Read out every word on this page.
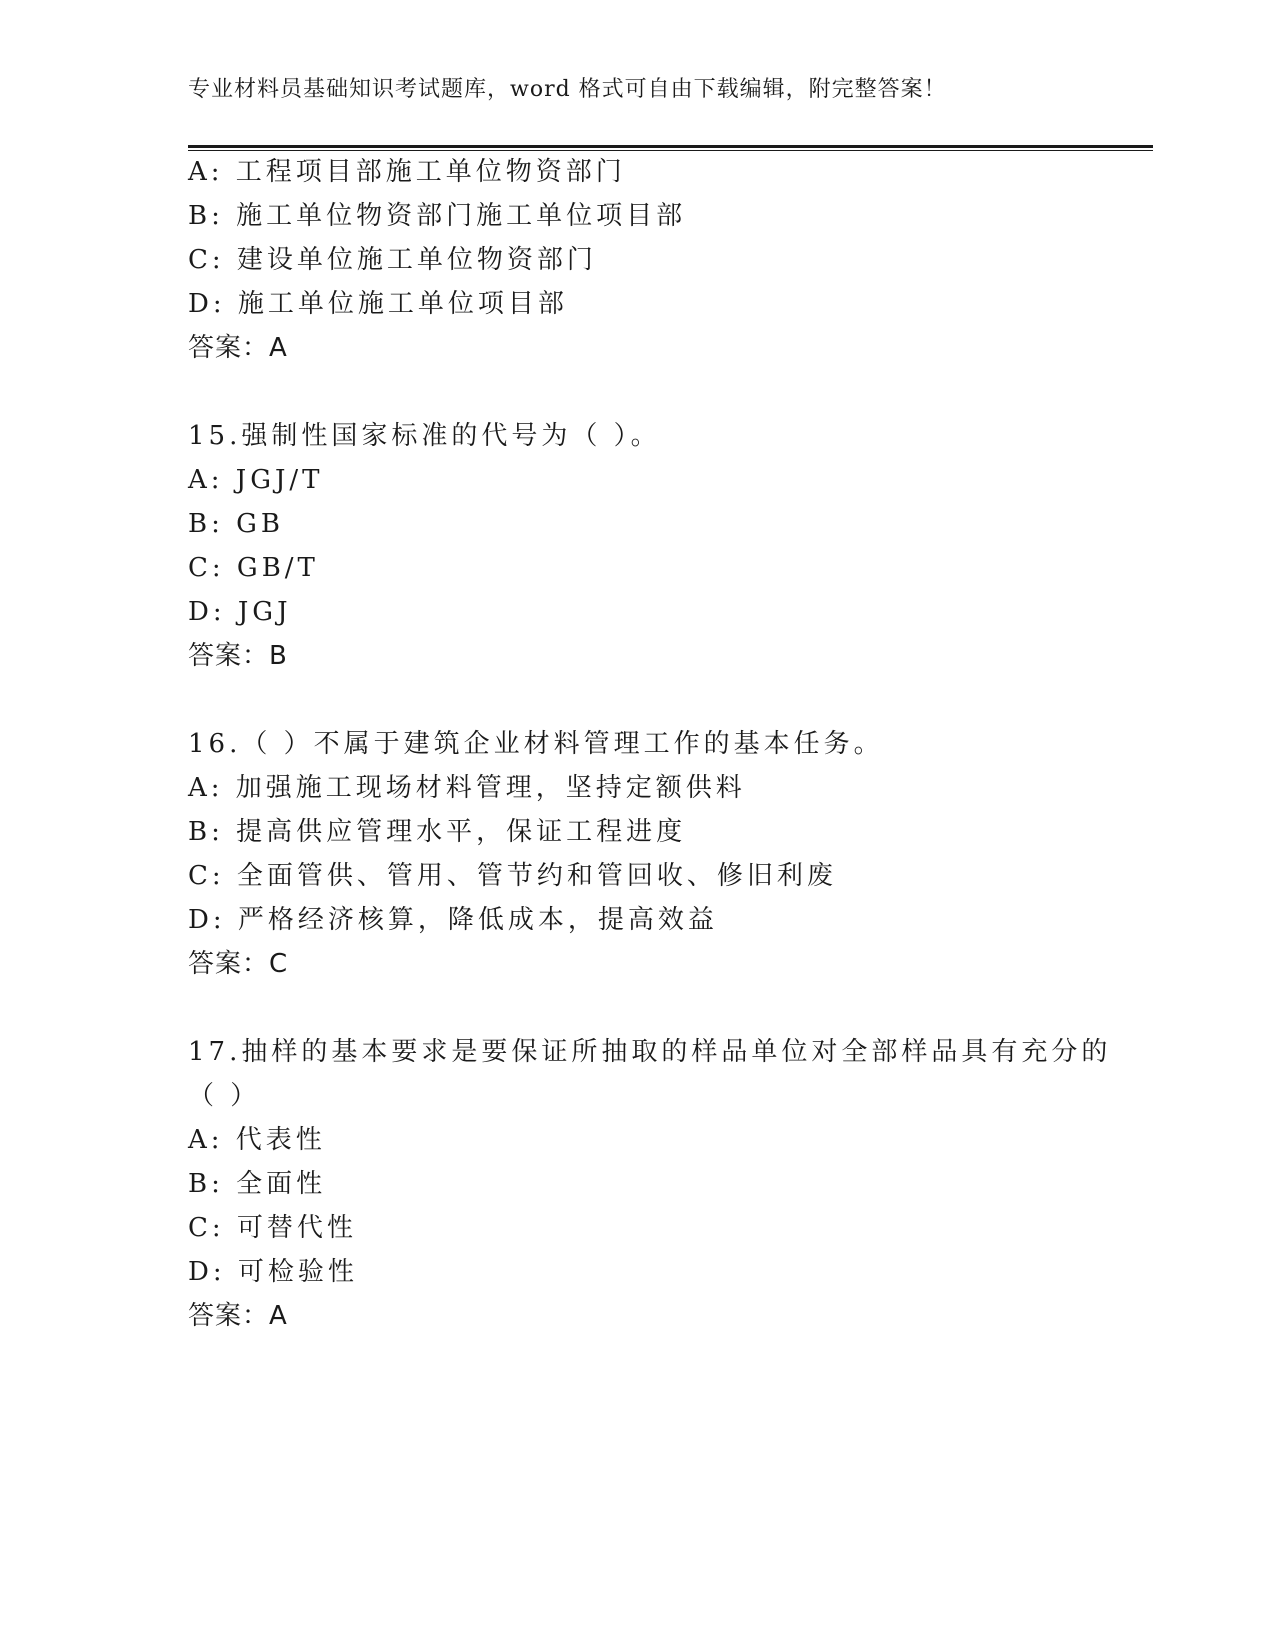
专业材料员基础知识考试题库，word 格式可自由下载编辑，附完整答案！
A: 工程项目部施工单位物资部门
B: 施工单位物资部门施工单位项目部
C: 建设单位施工单位物资部门
D: 施工单位施工单位项目部
答案：A
15.强制性国家标准的代号为（ ）。
A: JGJ/T
B: GB
C: GB/T
D: JGJ
答案：B
16.（ ）不属于建筑企业材料管理工作的基本任务。
A: 加强施工现场材料管理，坚持定额供料
B: 提高供应管理水平，保证工程进度
C: 全面管供、管用、管节约和管回收、修旧利废
D: 严格经济核算，降低成本，提高效益
答案：C
17.抽样的基本要求是要保证所抽取的样品单位对全部样品具有充分的
（ ）
A: 代表性
B: 全面性
C: 可替代性
D: 可检验性
答案：A
